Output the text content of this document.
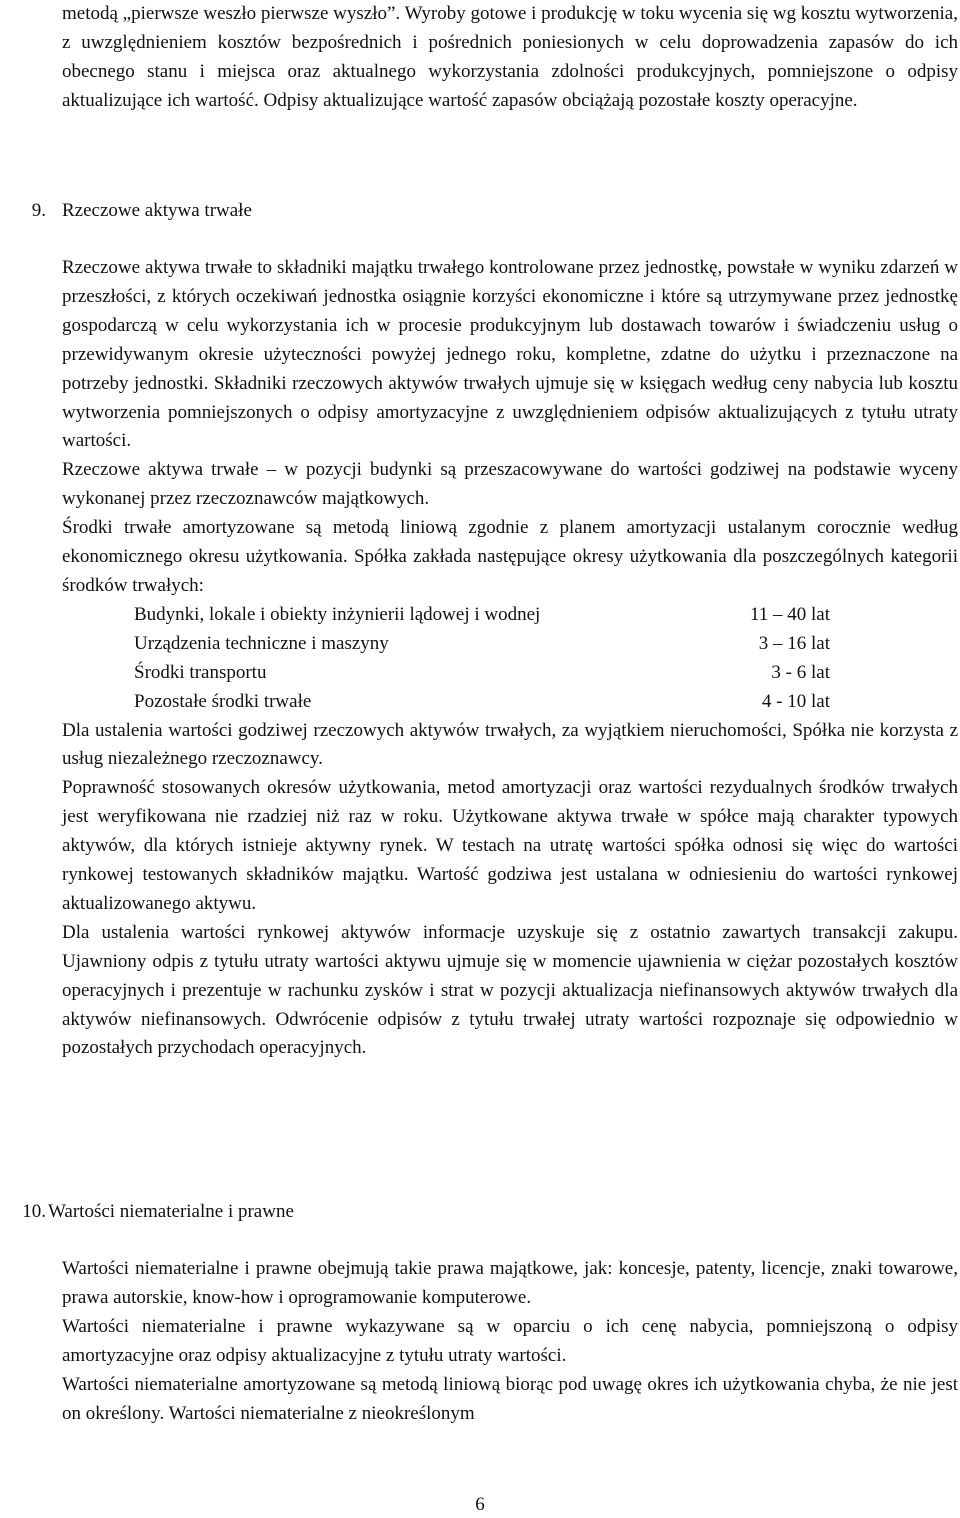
metodą „pierwsze weszło pierwsze wyszło”. Wyroby gotowe i produkcję w toku wycenia się wg kosztu wytworzenia, z uwzględnieniem kosztów bezpośrednich i pośrednich poniesionych w celu doprowadzenia zapasów do ich obecnego stanu i miejsca oraz aktualnego wykorzystania zdolności produkcyjnych, pomniejszone o odpisy aktualizujące ich wartość. Odpisy aktualizujące wartość zapasów obciążają pozostałe koszty operacyjne.

9. Rzeczowe aktywa trwałe

Rzeczowe aktywa trwałe to składniki majątku trwałego kontrolowane przez jednostkę, powstałe w wyniku zdarzeń w przeszłości, z których oczekiwań jednostka osiągnie korzyści ekonomiczne i które są utrzymywane przez jednostkę gospodarczą w celu wykorzystania ich w procesie produkcyjnym lub dostawach towarów i świadczeniu usług o przewidywanym okresie użyteczności powyżej jednego roku, kompletne, zdatne do użytku i przeznaczone na potrzeby jednostki. Składniki rzeczowych aktywów trwałych ujmuje się w księgach według ceny nabycia lub kosztu wytworzenia pomniejszonych o odpisy amortyzacyjne z uwzględnieniem odpisów aktualizujących z tytułu utraty wartości.

Rzeczowe aktywa trwałe – w pozycji budynki są przeszacowywane do wartości godziwej na podstawie wyceny wykonanej przez rzeczoznawców majątkowych.

Środki trwałe amortyzowane są metodą liniową zgodnie z planem amortyzacji ustalanym corocznie według ekonomicznego okresu użytkowania. Spółka zakłada następujące okresy użytkowania dla poszczególnych kategorii środków trwałych:

Budynki, lokale i obiekty inżynierii lądowej i wodnej	11 – 40 lat
Urządzenia techniczne i maszyny	3 – 16 lat
Środki transportu	3 - 6 lat
Pozostałe środki trwałe	4 - 10 lat

Dla ustalenia wartości godziwej rzeczowych aktywów trwałych, za wyjątkiem nieruchomości, Spółka nie korzysta z usług niezależnego rzeczoznawcy.

Poprawność stosowanych okresów użytkowania, metod amortyzacji oraz wartości rezydualnych środków trwałych jest weryfikowana nie rzadziej niż raz w roku. Użytkowane aktywa trwałe w spółce mają charakter typowych aktywów, dla których istnieje aktywny rynek. W testach na utratę wartości spółka odnosi się więc do wartości rynkowej testowanych składników majątku. Wartość godziwa jest ustalana w odniesieniu do wartości rynkowej aktualizowanego aktywu.

Dla ustalenia wartości rynkowej aktywów informacje uzyskuje się z ostatnio zawartych transakcji zakupu. Ujawniony odpis z tytułu utraty wartości aktywu ujmuje się w momencie ujawnienia w ciężar pozostałych kosztów operacyjnych i prezentuje w rachunku zysków i strat w pozycji aktualizacja niefinansowych aktywów trwałych dla aktywów niefinansowych. Odwrócenie odpisów z tytułu trwałej utraty wartości rozpoznaje się odpowiednio w pozostałych przychodach operacyjnych.

10. Wartości niematerialne i prawne

Wartości niematerialne i prawne obejmują takie prawa majątkowe, jak: koncesje, patenty, licencje, znaki towarowe, prawa autorskie, know-how i oprogramowanie komputerowe.

Wartości niematerialne i prawne wykazywane są w oparciu o ich cenę nabycia, pomniejszoną o odpisy amortyzacyjne oraz odpisy aktualizacyjne z tytułu utraty wartości.

Wartości niematerialne amortyzowane są metodą liniową biorąc pod uwagę okres ich użytkowania chyba, że nie jest on określony. Wartości niematerialne z nieokreślonym

6
